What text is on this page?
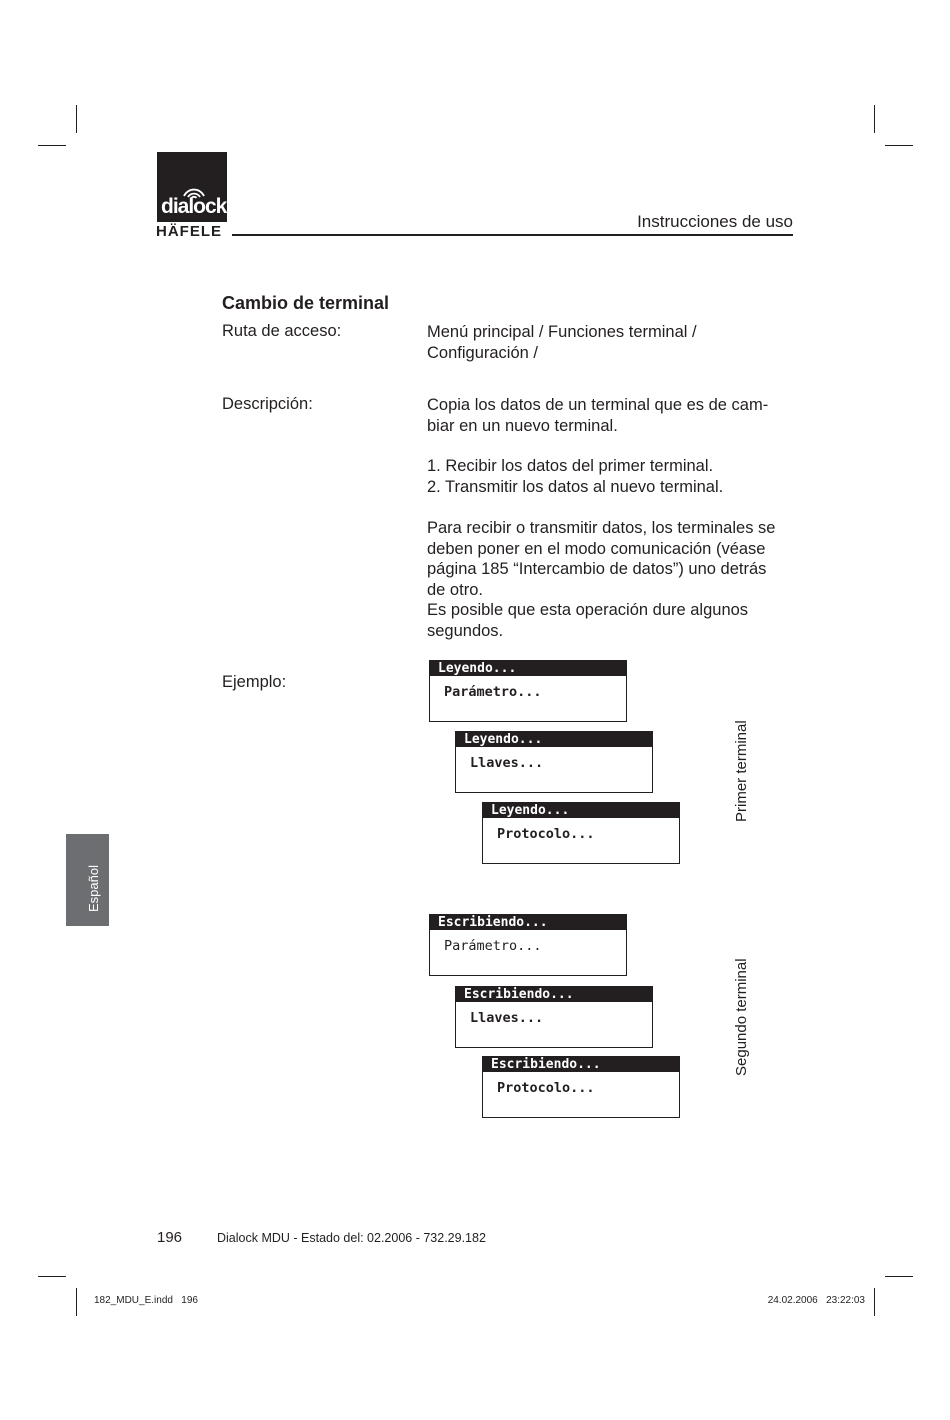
dialock
HÄFELE
Instrucciones de uso
Cambio de terminal
Ruta de acceso:	Menú principal / Funciones terminal /

Configuración /

Descripción:	Copia los datos de un terminal que es de cam-

biar en un nuevo terminal.

1. Recibir los datos del primer terminal.

2. Transmitir los datos al nuevo terminal.

Para recibir o transmitir datos, los terminales se

deben poner en el modo comunicación (véase

página 185 “Intercambio de datos”) uno detrás

de otro.

Es posible que esta operación dure algunos

segundos.

Ejemplo:
Leyendo...
Parámetro...
Leyendo...
Llaves...
Leyendo...
Protocolo...
Primer terminal
Escribiendo...
Parámetro...
Escribiendo...
Llaves...
Escribiendo...
Protocolo...
Segundo terminal
Español
196	Dialock MDU - Estado del: 02.2006 - 732.29.182
182_MDU_E.indd   196	24.02.2006   23:22:03
